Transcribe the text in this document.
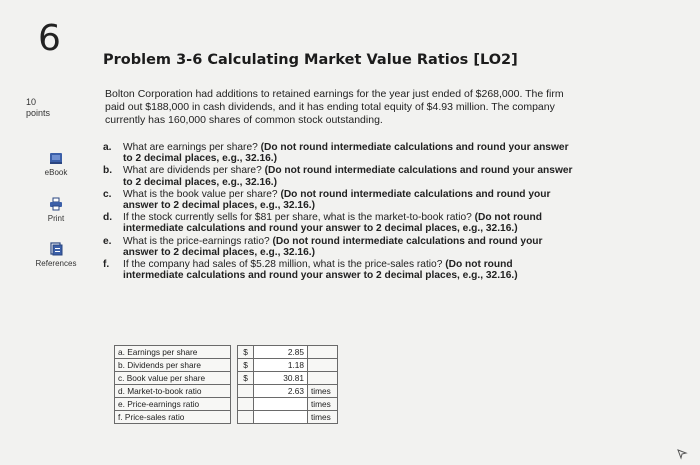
6
Problem 3-6 Calculating Market Value Ratios [LO2]
10
points
eBook
Print
References
Bolton Corporation had additions to retained earnings for the year just ended of $268,000. The firm paid out $188,000 in cash dividends, and it has ending total equity of $4.93 million. The company currently has 160,000 shares of common stock outstanding.
a.	What are earnings per share? (Do not round intermediate calculations and round your answer to 2 decimal places, e.g., 32.16.)
b.	What are dividends per share? (Do not round intermediate calculations and round your answer to 2 decimal places, e.g., 32.16.)
c.	What is the book value per share? (Do not round intermediate calculations and round your answer to 2 decimal places, e.g., 32.16.)
d.	If the stock currently sells for $81 per share, what is the market-to-book ratio? (Do not round intermediate calculations and round your answer to 2 decimal places, e.g., 32.16.)
e.	What is the price-earnings ratio? (Do not round intermediate calculations and round your answer to 2 decimal places, e.g., 32.16.)
f.	If the company had sales of $5.28 million, what is the price-sales ratio? (Do not round intermediate calculations and round your answer to 2 decimal places, e.g., 32.16.)
a. Earnings per share		$	2.85	
b. Dividends per share		$	1.18	
c. Book value per share		$	30.81	
d. Market-to-book ratio			2.63	times
e. Price-earnings ratio				times
f. Price-sales ratio				times
